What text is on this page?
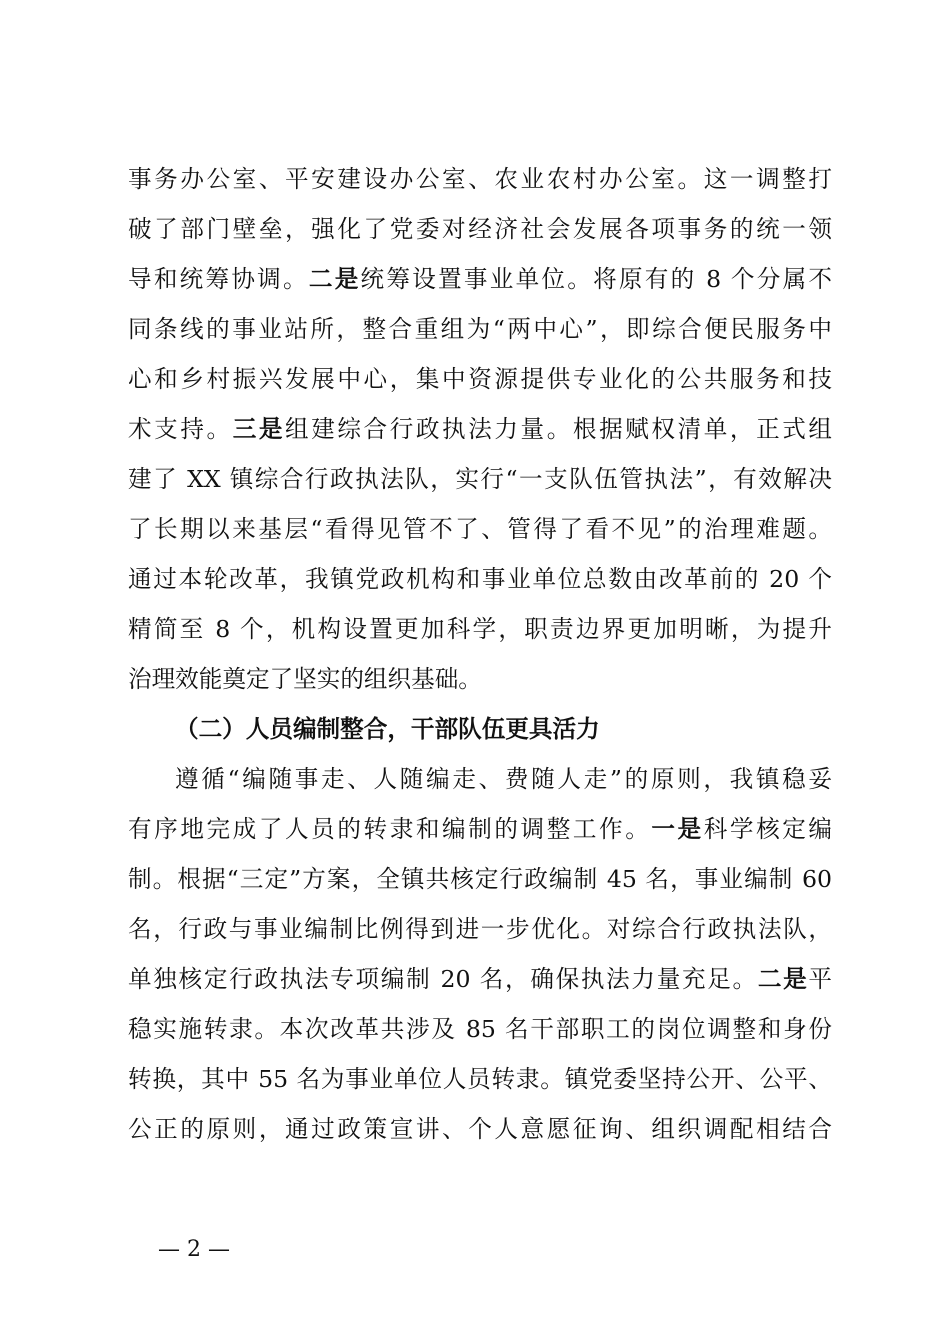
事务办公室、平安建设办公室、农业农村办公室。这一调整打
破了部门壁垒，强化了党委对经济社会发展各项事务的统一领
导和统筹协调。二是统筹设置事业单位。将原有的 8 个分属不
同条线的事业站所，整合重组为“两中心”，即综合便民服务中
心和乡村振兴发展中心，集中资源提供专业化的公共服务和技
术支持。三是组建综合行政执法力量。根据赋权清单，正式组
建了 XX 镇综合行政执法队，实行“一支队伍管执法”，有效解决
了长期以来基层“看得见管不了、管得了看不见”的治理难题。
通过本轮改革，我镇党政机构和事业单位总数由改革前的 20 个
精简至 8 个，机构设置更加科学，职责边界更加明晰，为提升
治理效能奠定了坚实的组织基础。
（二）人员编制整合，干部队伍更具活力
遵循“编随事走、人随编走、费随人走”的原则，我镇稳妥
有序地完成了人员的转隶和编制的调整工作。一是科学核定编
制。根据“三定”方案，全镇共核定行政编制 45 名，事业编制 60
名，行政与事业编制比例得到进一步优化。对综合行政执法队，
单独核定行政执法专项编制 20 名，确保执法力量充足。二是平
稳实施转隶。本次改革共涉及 85 名干部职工的岗位调整和身份
转换，其中 55 名为事业单位人员转隶。镇党委坚持公开、公平、
公正的原则，通过政策宣讲、个人意愿征询、组织调配相结合
— 2 —
